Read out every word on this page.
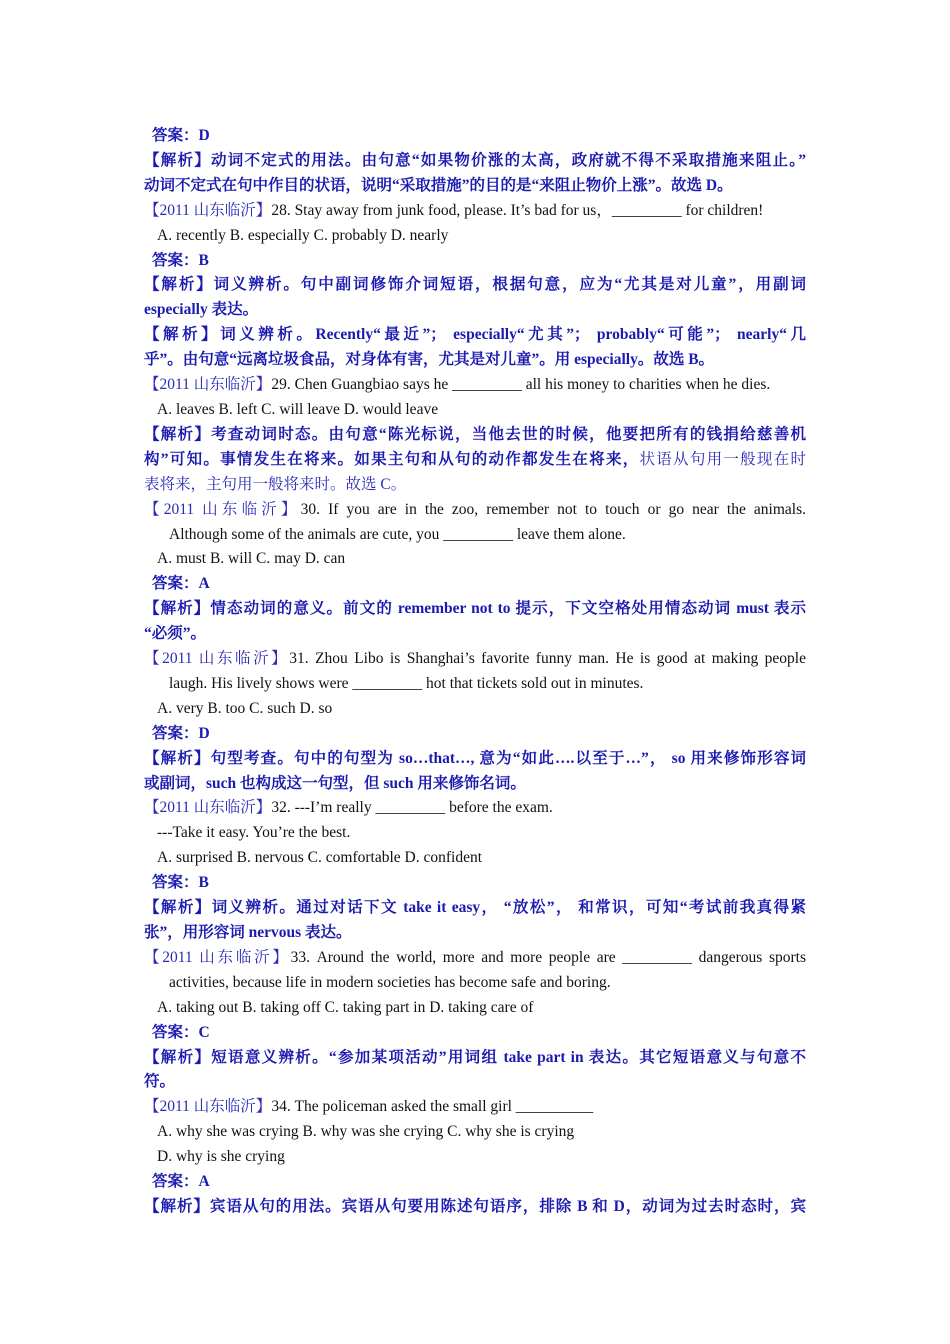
答案：D
【解析】动词不定式的用法。由句意“如果物价涨的太高，政府就不得不采取措施来阻止。”
动词不定式在句中作目的状语，说明“采取措施”的目的是“来阻止物价上涨”。故选 D。
【2011 山东临沂】28. Stay away from junk food, please. It’s bad for us，_________ for children!
A. recently B. especially C. probably D. nearly
答案：B
【解析】词义辨析。句中副词修饰介词短语，根据句意，应为“尤其是对儿童”，用副词
especially 表达。
【解析】词义辨析。Recently“最近”； especially“尤其”； probably“可能”； nearly“几
乎”。由句意“远离垃圾食品，对身体有害，尤其是对儿童”。用 especially。故选 B。
【2011 山东临沂】29. Chen Guangbiao says he _________ all his money to charities when he dies.
A. leaves B. left C. will leave D. would leave
【解析】考查动词时态。由句意“陈光标说，当他去世的时候，他要把所有的钱捐给慈善机
构”可知。事情发生在将来。如果主句和从句的动作都发生在将来，状语从句用一般现在时
表将来，主句用一般将来时。故选 C。
【2011 山东临沂】30. If you are in the zoo, remember not to touch or go near the animals.
Although some of the animals are cute, you _________ leave them alone.
A. must B. will C. may D. can
答案：A
【解析】情态动词的意义。前文的 remember not to 提示，下文空格处用情态动词 must 表示
“必须”。
【2011 山东临沂】31. Zhou Libo is Shanghai’s favorite funny man. He is good at making people
laugh. His lively shows were _________ hot that tickets sold out in minutes.
A. very B. too C. such D. so
答案：D
【解析】句型考查。句中的句型为 so…that…, 意为“如此….以至于…”， so 用来修饰形容词
或副词，such 也构成这一句型，但 such 用来修饰名词。
【2011 山东临沂】32. ---I’m really _________ before the exam.
---Take it easy. You’re the best.
A. surprised B. nervous C. comfortable D. confident
答案：B
【解析】词义辨析。通过对话下文 take it easy， “放松”， 和常识，可知“考试前我真得紧
张”，用形容词 nervous 表达。
【2011 山东临沂】33. Around the world, more and more people are _________ dangerous sports
activities, because life in modern societies has become safe and boring.
A. taking out B. taking off C. taking part in D. taking care of
答案：C
【解析】短语意义辨析。“参加某项活动”用词组 take part in 表达。其它短语意义与句意不
符。
【2011 山东临沂】34. The policeman asked the small girl __________
A. why she was crying B. why was she crying C. why she is crying
D. why is she crying
答案：A
【解析】宾语从句的用法。宾语从句要用陈述句语序，排除 B 和 D，动词为过去时态时，宾
